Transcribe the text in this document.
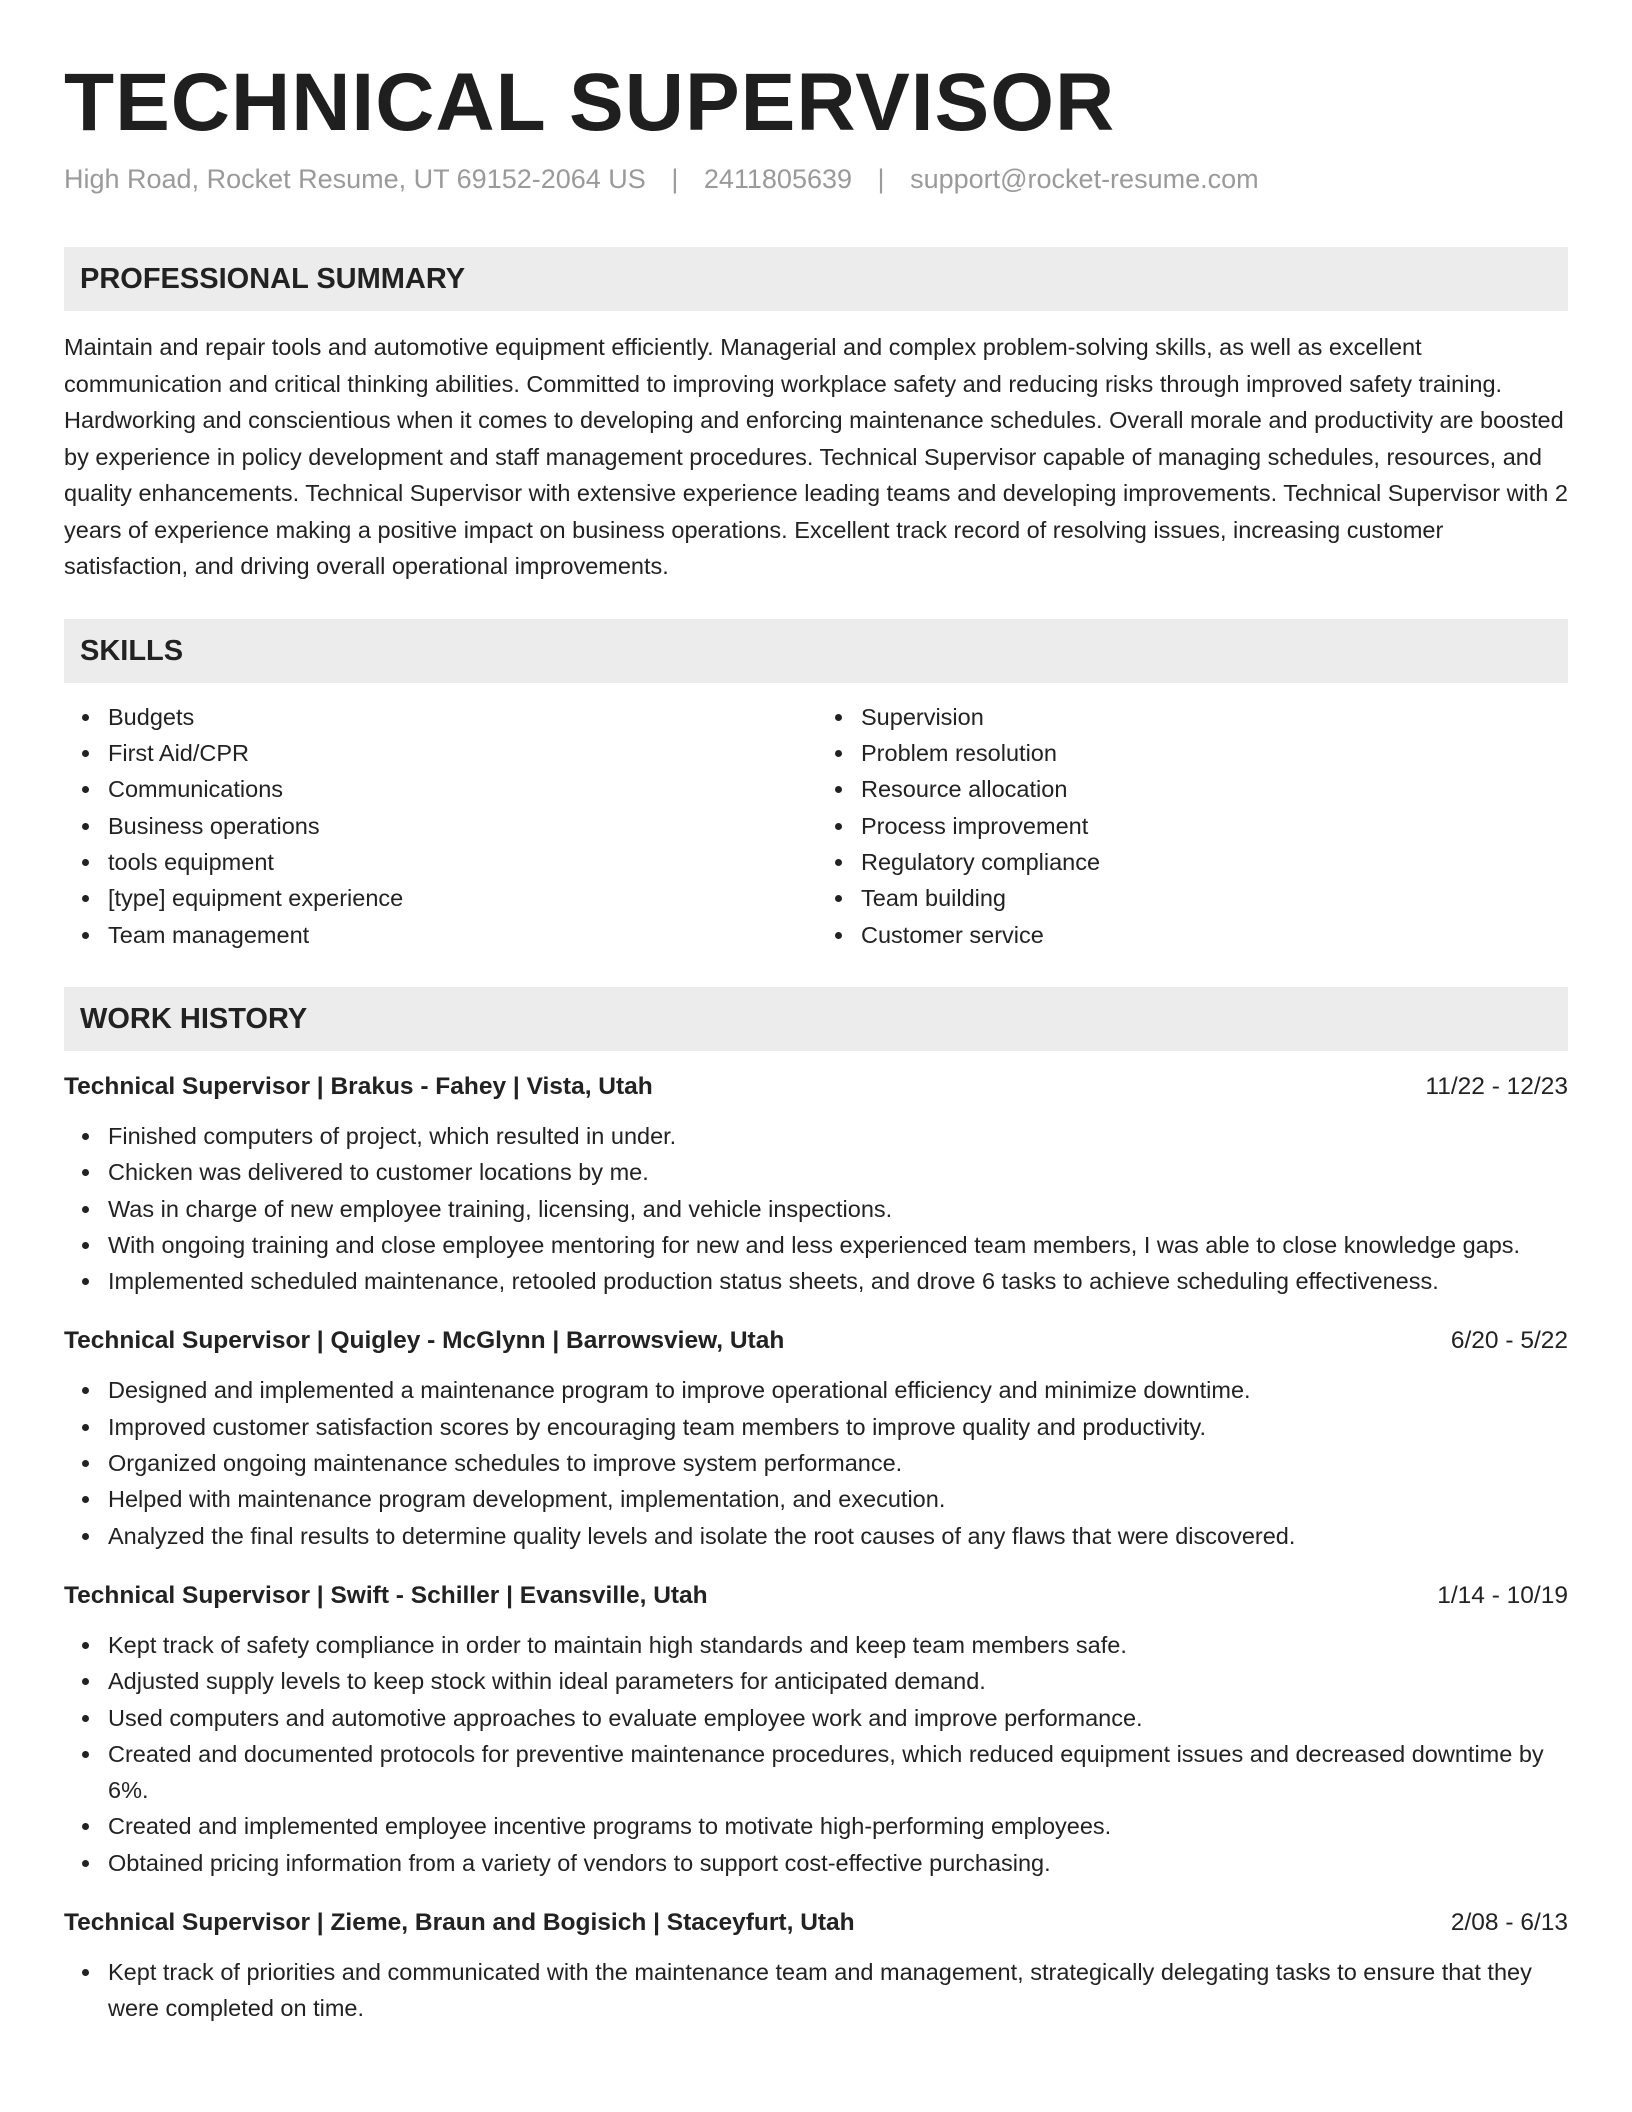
TECHNICAL SUPERVISOR
High Road, Rocket Resume, UT 69152-2064 US | 2411805639 | support@rocket-resume.com
PROFESSIONAL SUMMARY
Maintain and repair tools and automotive equipment efficiently. Managerial and complex problem-solving skills, as well as excellent communication and critical thinking abilities. Committed to improving workplace safety and reducing risks through improved safety training. Hardworking and conscientious when it comes to developing and enforcing maintenance schedules. Overall morale and productivity are boosted by experience in policy development and staff management procedures. Technical Supervisor capable of managing schedules, resources, and quality enhancements. Technical Supervisor with extensive experience leading teams and developing improvements. Technical Supervisor with 2 years of experience making a positive impact on business operations. Excellent track record of resolving issues, increasing customer satisfaction, and driving overall operational improvements.
SKILLS
Budgets
First Aid/CPR
Communications
Business operations
tools equipment
[type] equipment experience
Team management
Supervision
Problem resolution
Resource allocation
Process improvement
Regulatory compliance
Team building
Customer service
WORK HISTORY
Technical Supervisor | Brakus - Fahey | Vista, Utah	11/22 - 12/23
Finished computers of project, which resulted in under.
Chicken was delivered to customer locations by me.
Was in charge of new employee training, licensing, and vehicle inspections.
With ongoing training and close employee mentoring for new and less experienced team members, I was able to close knowledge gaps.
Implemented scheduled maintenance, retooled production status sheets, and drove 6 tasks to achieve scheduling effectiveness.
Technical Supervisor | Quigley - McGlynn | Barrowsview, Utah	6/20 - 5/22
Designed and implemented a maintenance program to improve operational efficiency and minimize downtime.
Improved customer satisfaction scores by encouraging team members to improve quality and productivity.
Organized ongoing maintenance schedules to improve system performance.
Helped with maintenance program development, implementation, and execution.
Analyzed the final results to determine quality levels and isolate the root causes of any flaws that were discovered.
Technical Supervisor | Swift - Schiller | Evansville, Utah	1/14 - 10/19
Kept track of safety compliance in order to maintain high standards and keep team members safe.
Adjusted supply levels to keep stock within ideal parameters for anticipated demand.
Used computers and automotive approaches to evaluate employee work and improve performance.
Created and documented protocols for preventive maintenance procedures, which reduced equipment issues and decreased downtime by 6%.
Created and implemented employee incentive programs to motivate high-performing employees.
Obtained pricing information from a variety of vendors to support cost-effective purchasing.
Technical Supervisor | Zieme, Braun and Bogisich | Staceyfurt, Utah	2/08 - 6/13
Kept track of priorities and communicated with the maintenance team and management, strategically delegating tasks to ensure that they were completed on time.
